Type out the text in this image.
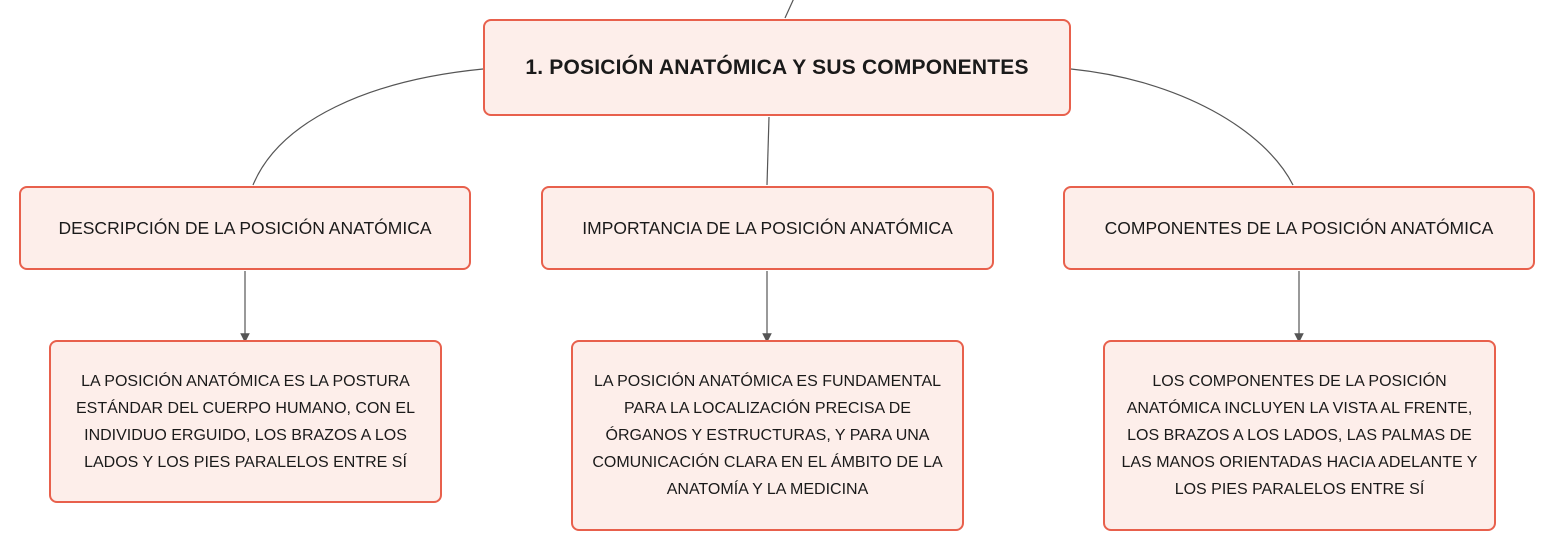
1. POSICIÓN ANATÓMICA Y SUS COMPONENTES
DESCRIPCIÓN DE LA POSICIÓN ANATÓMICA	IMPORTANCIA DE LA POSICIÓN ANATÓMICA	COMPONENTES DE LA POSICIÓN ANATÓMICA
LA POSICIÓN ANATÓMICA ES LA POSTURA ESTÁNDAR DEL CUERPO HUMANO, CON EL INDIVIDUO ERGUIDO, LOS BRAZOS A LOS LADOS Y LOS PIES PARALELOS ENTRE SÍ
LA POSICIÓN ANATÓMICA ES FUNDAMENTAL PARA LA LOCALIZACIÓN PRECISA DE ÓRGANOS Y ESTRUCTURAS, Y PARA UNA COMUNICACIÓN CLARA EN EL ÁMBITO DE LA ANATOMÍA Y LA MEDICINA
LOS COMPONENTES DE LA POSICIÓN ANATÓMICA INCLUYEN LA VISTA AL FRENTE, LOS BRAZOS A LOS LADOS, LAS PALMAS DE LAS MANOS ORIENTADAS HACIA ADELANTE Y LOS PIES PARALELOS ENTRE SÍ
